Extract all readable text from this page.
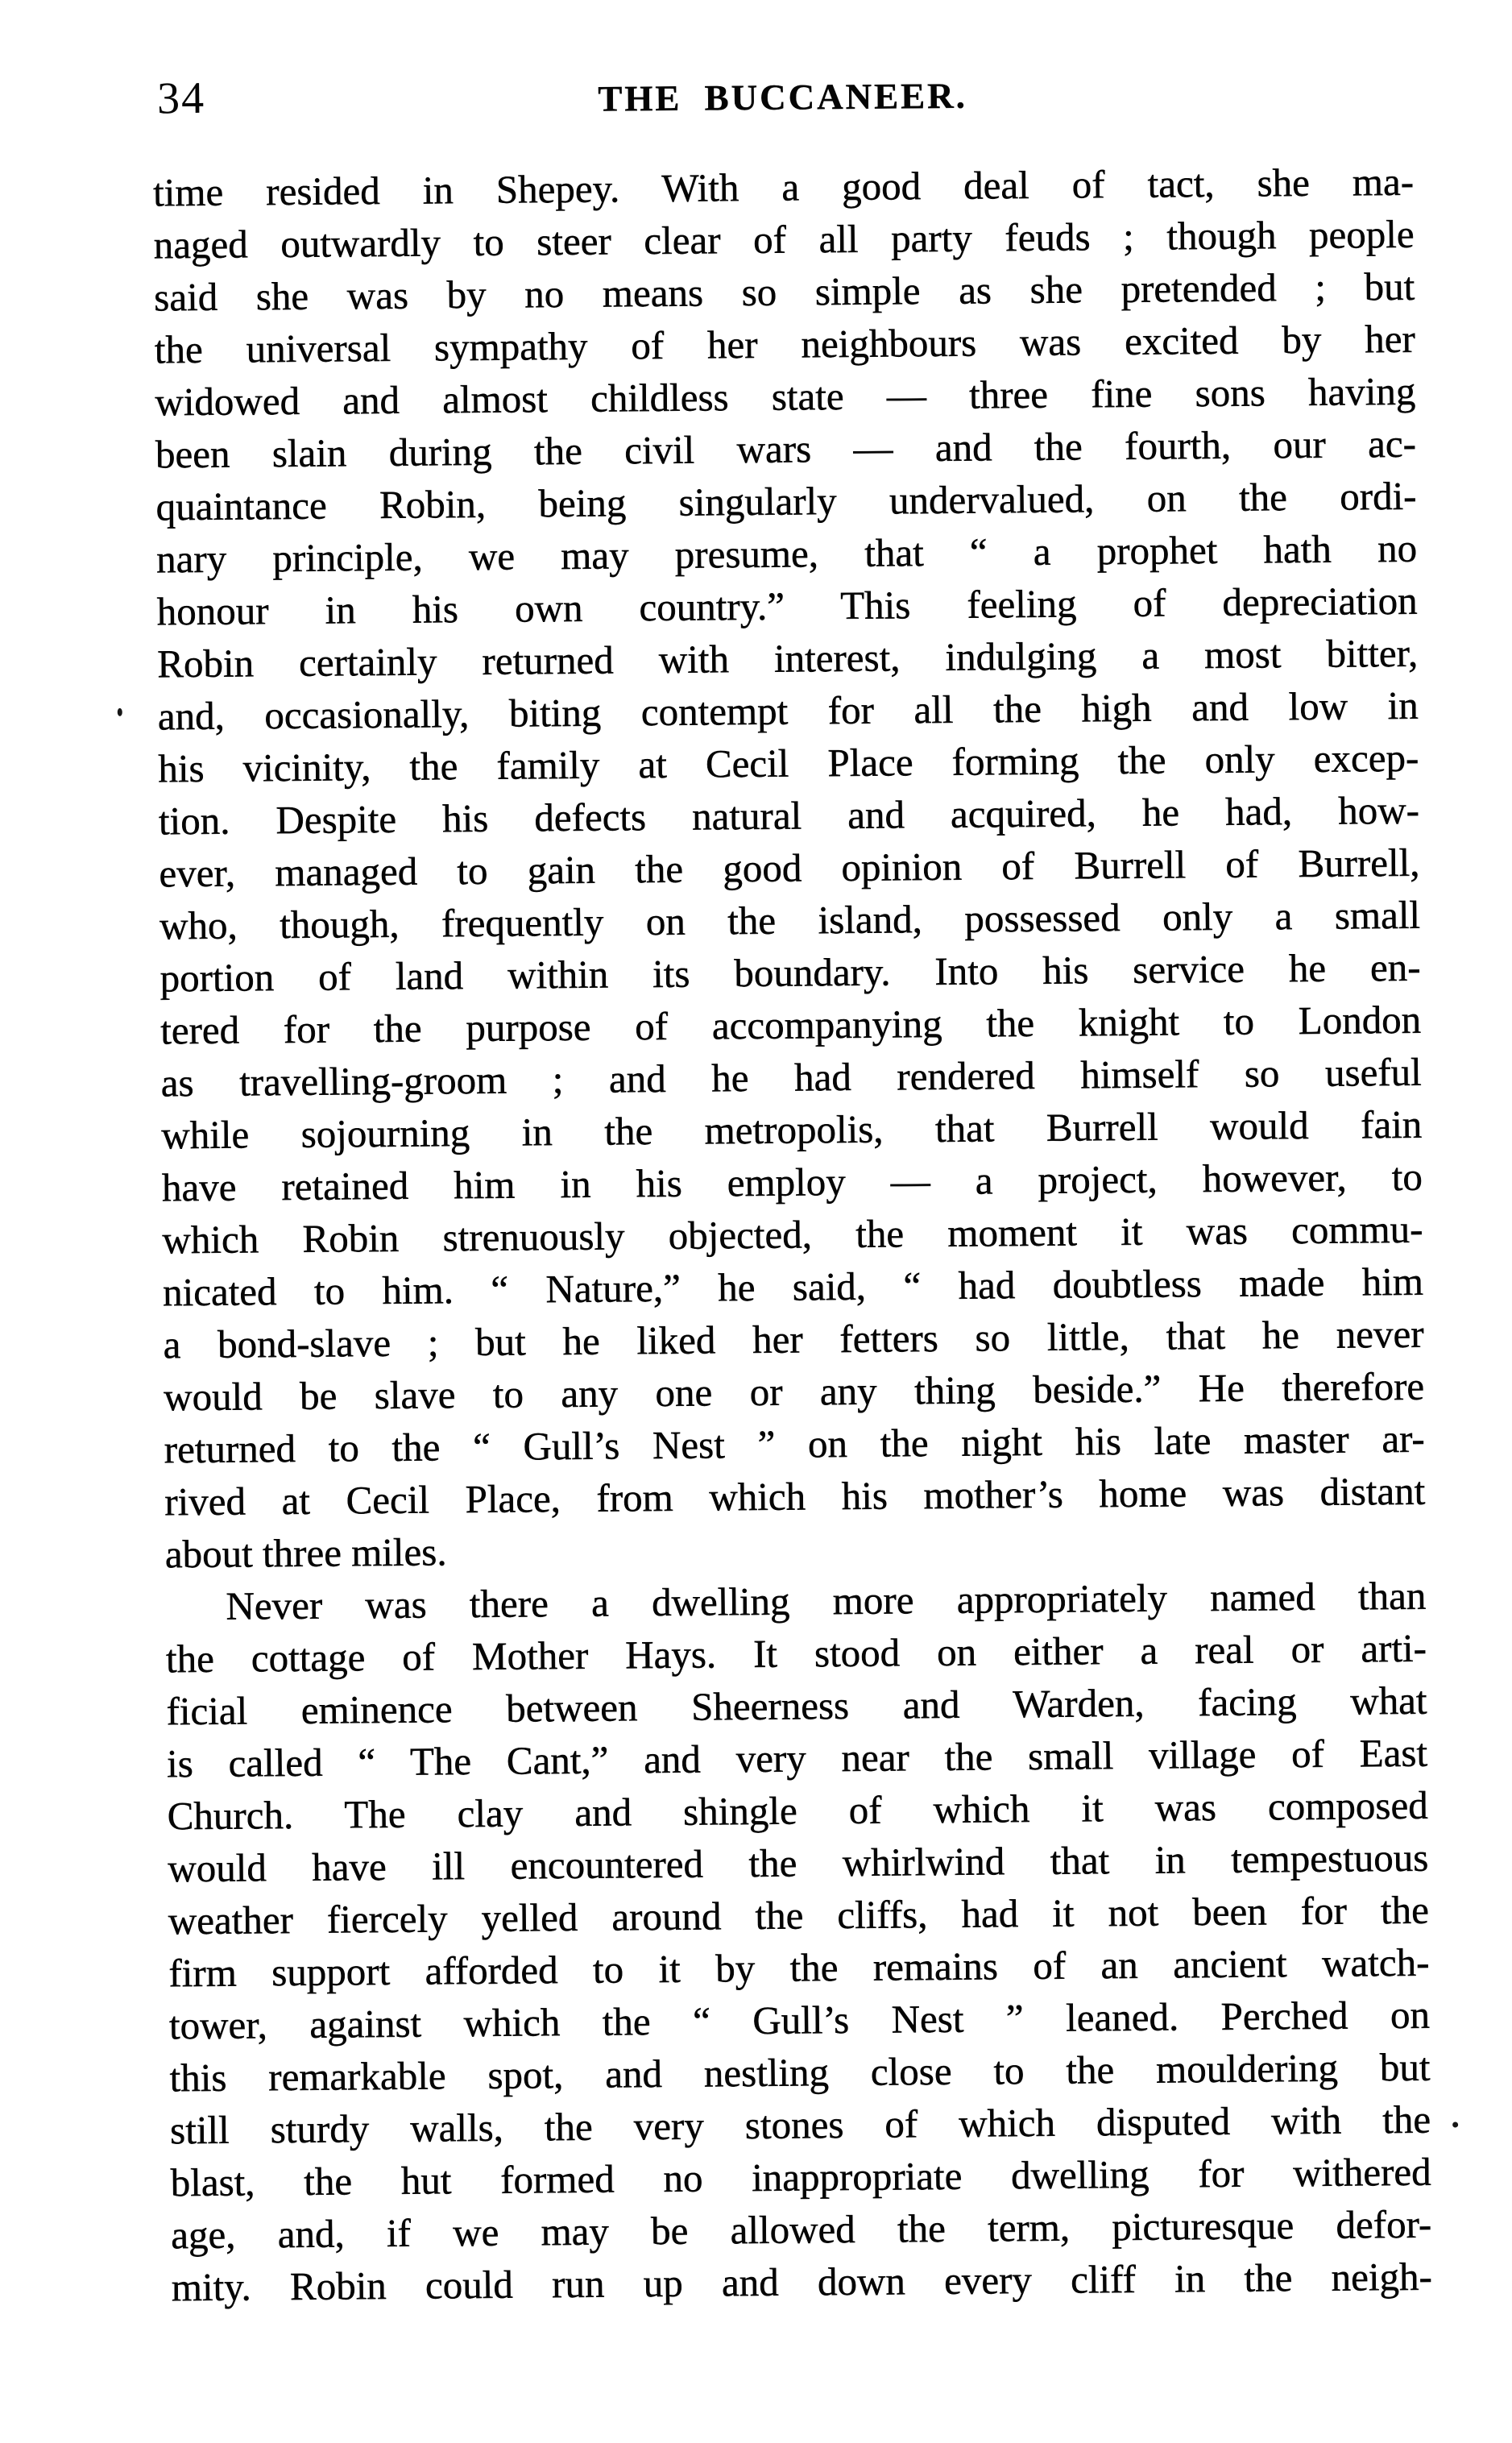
34	THE BUCCANEER.
time resided in Shepey. With a good deal of tact, she ma-
naged outwardly to steer clear of all party feuds ; though people
said she was by no means so simple as she pretended ; but
the universal sympathy of her neighbours was excited by her
widowed and almost childless state — three fine sons having
been slain during the civil wars — and the fourth, our ac-
quaintance Robin, being singularly undervalued, on the ordi-
nary principle, we may presume, that “ a prophet hath no
honour in his own country.” This feeling of depreciation
Robin certainly returned with interest, indulging a most bitter,
and, occasionally, biting contempt for all the high and low in
his vicinity, the family at Cecil Place forming the only excep-
tion. Despite his defects natural and acquired, he had, how-
ever, managed to gain the good opinion of Burrell of Burrell,
who, though, frequently on the island, possessed only a small
portion of land within its boundary. Into his service he en-
tered for the purpose of accompanying the knight to London
as travelling-groom ; and he had rendered himself so useful
while sojourning in the metropolis, that Burrell would fain
have retained him in his employ — a project, however, to
which Robin strenuously objected, the moment it was commu-
nicated to him. “ Nature,” he said, “ had doubtless made him
a bond-slave ; but he liked her fetters so little, that he never
would be slave to any one or any thing beside.” He therefore
returned to the “ Gull’s Nest ” on the night his late master ar-
rived at Cecil Place, from which his mother’s home was distant
about three miles.
Never was there a dwelling more appropriately named than
the cottage of Mother Hays. It stood on either a real or arti-
ficial eminence between Sheerness and Warden, facing what
is called “ The Cant,” and very near the small village of East
Church. The clay and shingle of which it was composed
would have ill encountered the whirlwind that in tempestuous
weather fiercely yelled around the cliffs, had it not been for the
firm support afforded to it by the remains of an ancient watch-
tower, against which the “ Gull’s Nest ” leaned. Perched on
this remarkable spot, and nestling close to the mouldering but
still sturdy walls, the very stones of which disputed with the
blast, the hut formed no inappropriate dwelling for withered
age, and, if we may be allowed the term, picturesque defor-
mity. Robin could run up and down every cliff in the neigh-
